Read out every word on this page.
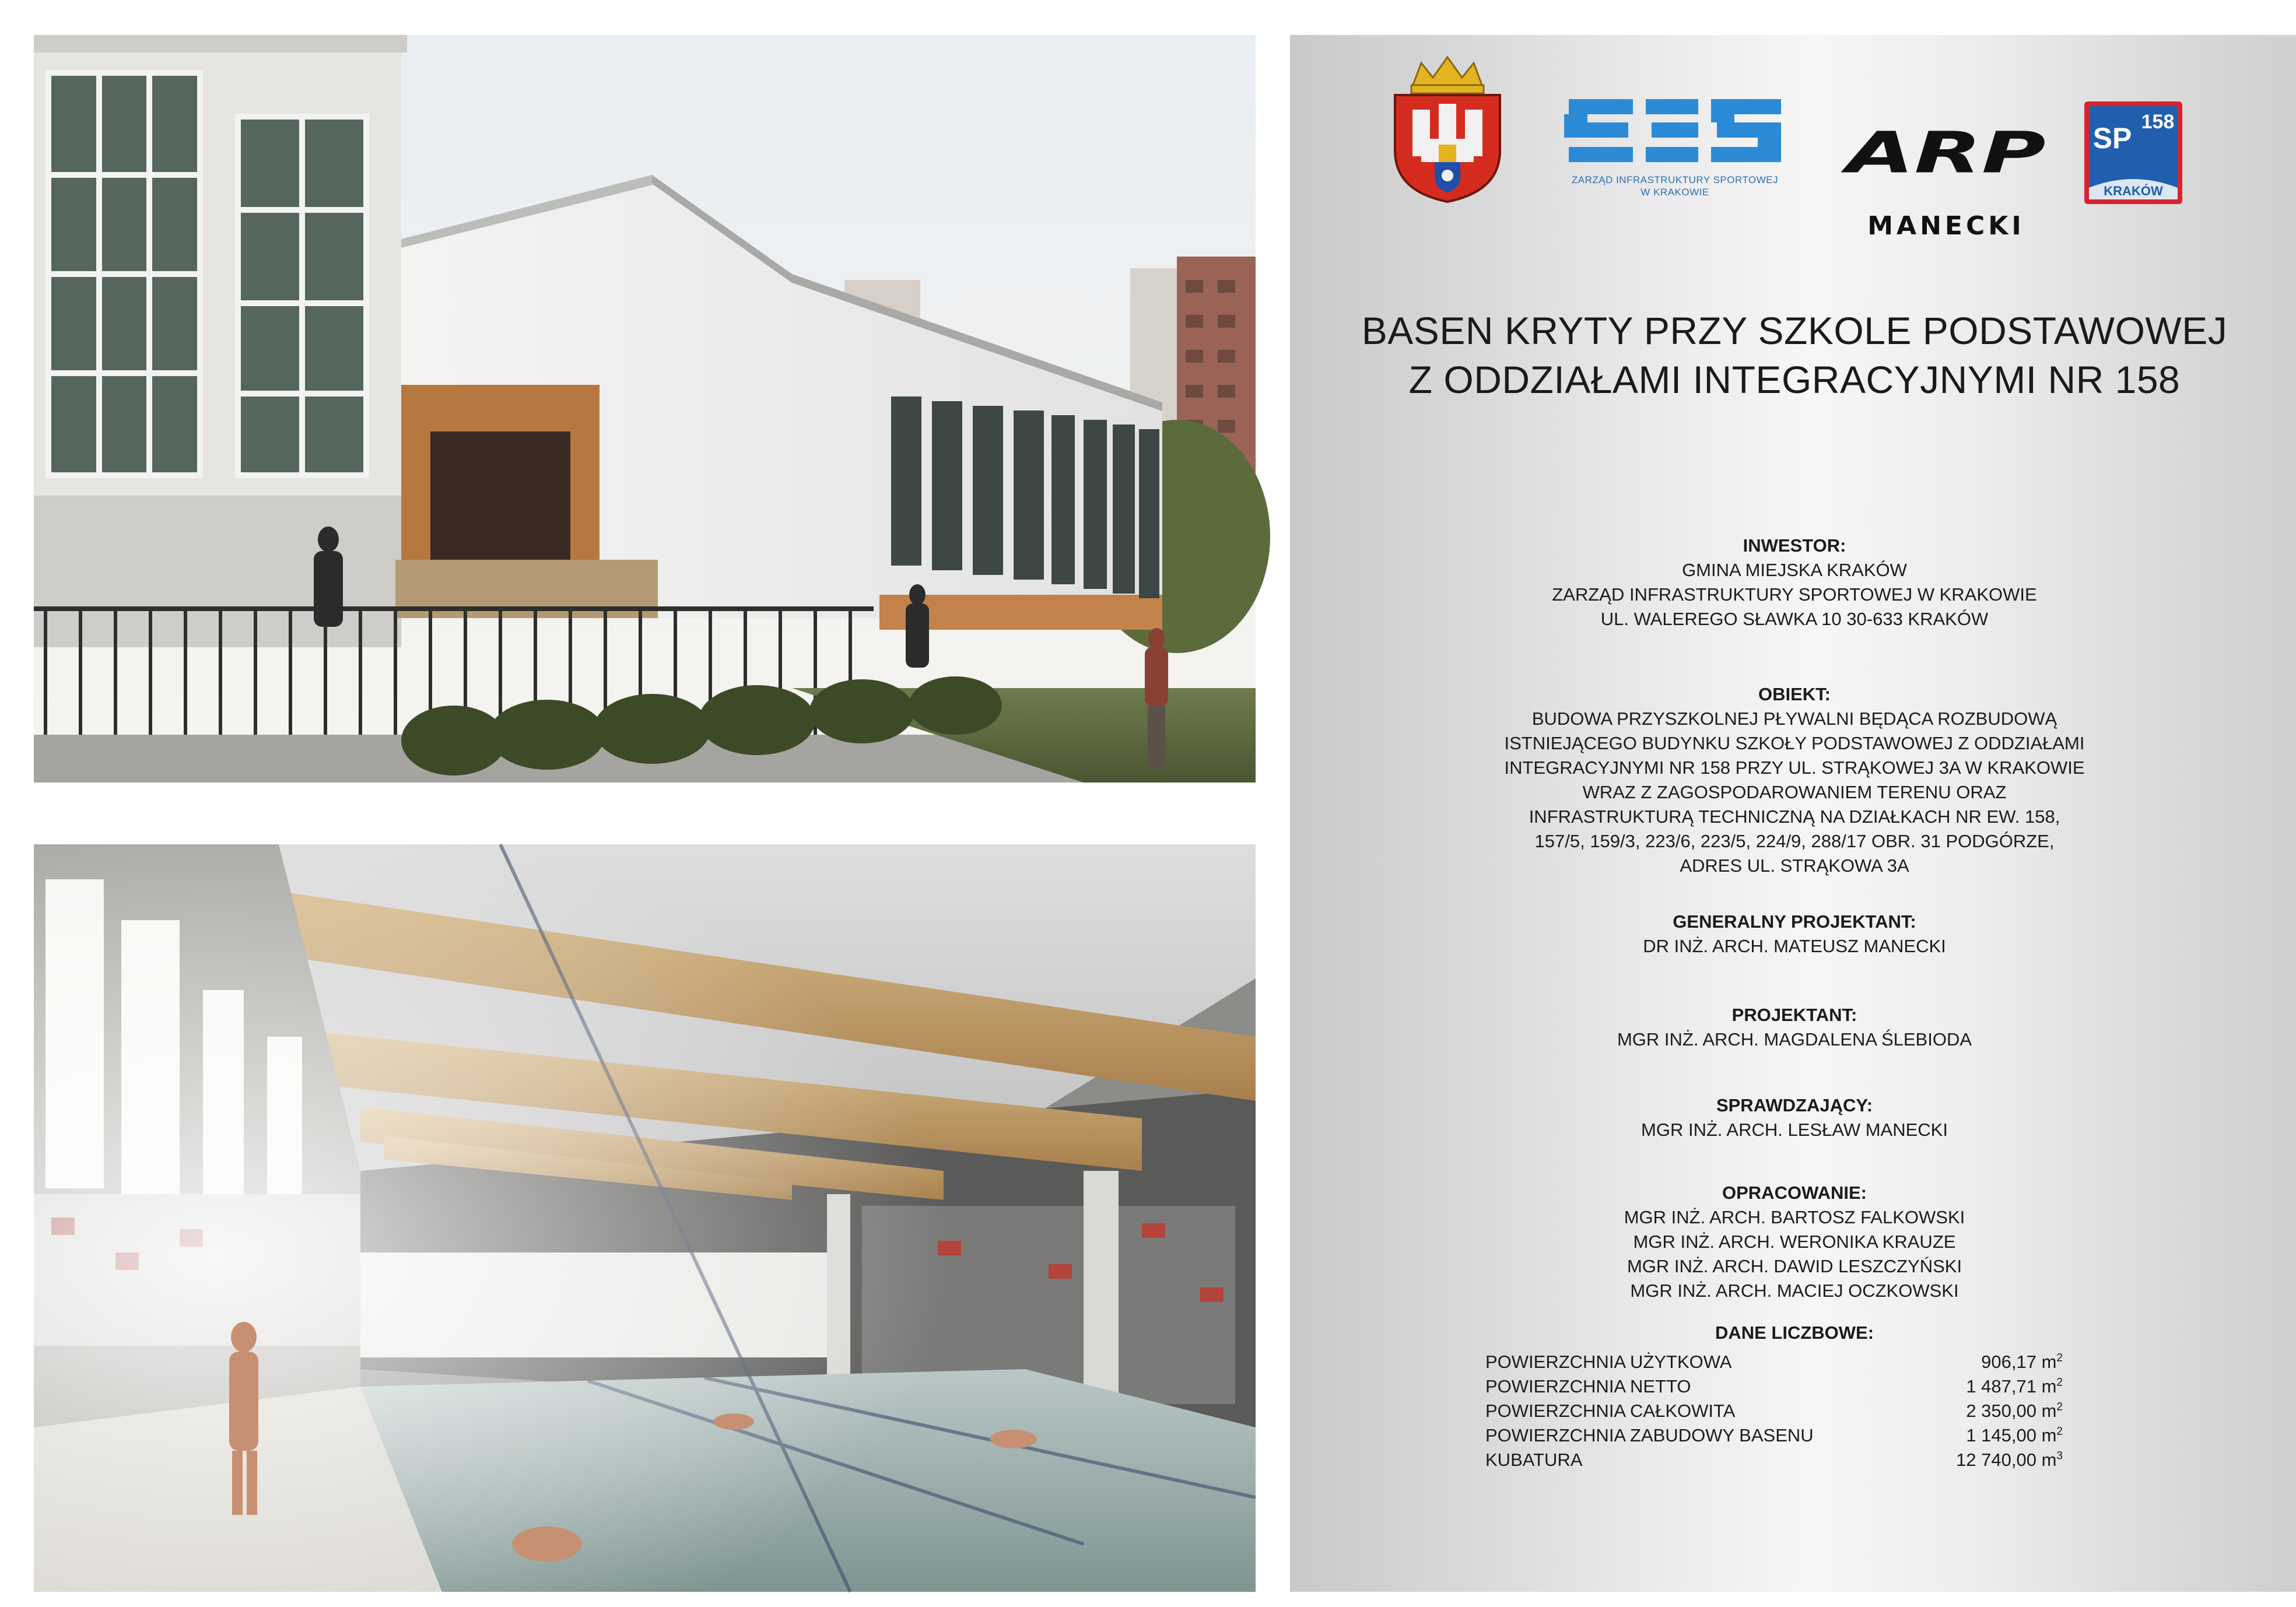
ZARZĄD INFRASTRUKTURY SPORTOWEJ
W KRAKOWIE
ARP
MANECKI
SP 158
KRAKÓW
BASEN KRYTY PRZY SZKOLE PODSTAWOWEJ
Z ODDZIAŁAMI INTEGRACYJNYMI NR 158
INWESTOR:
GMINA MIEJSKA KRAKÓW
ZARZĄD INFRASTRUKTURY SPORTOWEJ W KRAKOWIE
UL. WALEREGO SŁAWKA 10 30-633 KRAKÓW
OBIEKT:
BUDOWA PRZYSZKOLNEJ PŁYWALNI BĘDĄCA ROZBUDOWĄ
ISTNIEJĄCEGO BUDYNKU SZKOŁY PODSTAWOWEJ Z ODDZIAŁAMI
INTEGRACYJNYMI NR 158 PRZY UL. STRĄKOWEJ 3A W KRAKOWIE
WRAZ Z ZAGOSPODAROWANIEM TERENU ORAZ
INFRASTRUKTURĄ TECHNICZNĄ NA DZIAŁKACH NR EW. 158,
157/5, 159/3, 223/6, 223/5, 224/9, 288/17 OBR. 31 PODGÓRZE,
ADRES UL. STRĄKOWA 3A
GENERALNY PROJEKTANT:
DR INŻ. ARCH. MATEUSZ MANECKI
PROJEKTANT:
MGR INŻ. ARCH. MAGDALENA ŚLEBIODA
SPRAWDZAJĄCY:
MGR INŻ. ARCH. LESŁAW MANECKI
OPRACOWANIE:
MGR INŻ. ARCH. BARTOSZ FALKOWSKI
MGR INŻ. ARCH. WERONIKA KRAUZE
MGR INŻ. ARCH. DAWID LESZCZYŃSKI
MGR INŻ. ARCH. MACIEJ OCZKOWSKI
DANE LICZBOWE:
POWIERZCHNIA UŻYTKOWA	906,17 $m^2$
POWIERZCHNIA NETTO	1 487,71 $m^2$
POWIERZCHNIA CAŁKOWITA	2 350,00 $m^2$
POWIERZCHNIA ZABUDOWY BASENU	1 145,00 $m^2$
KUBATURA	12 740,00 $m^3$
